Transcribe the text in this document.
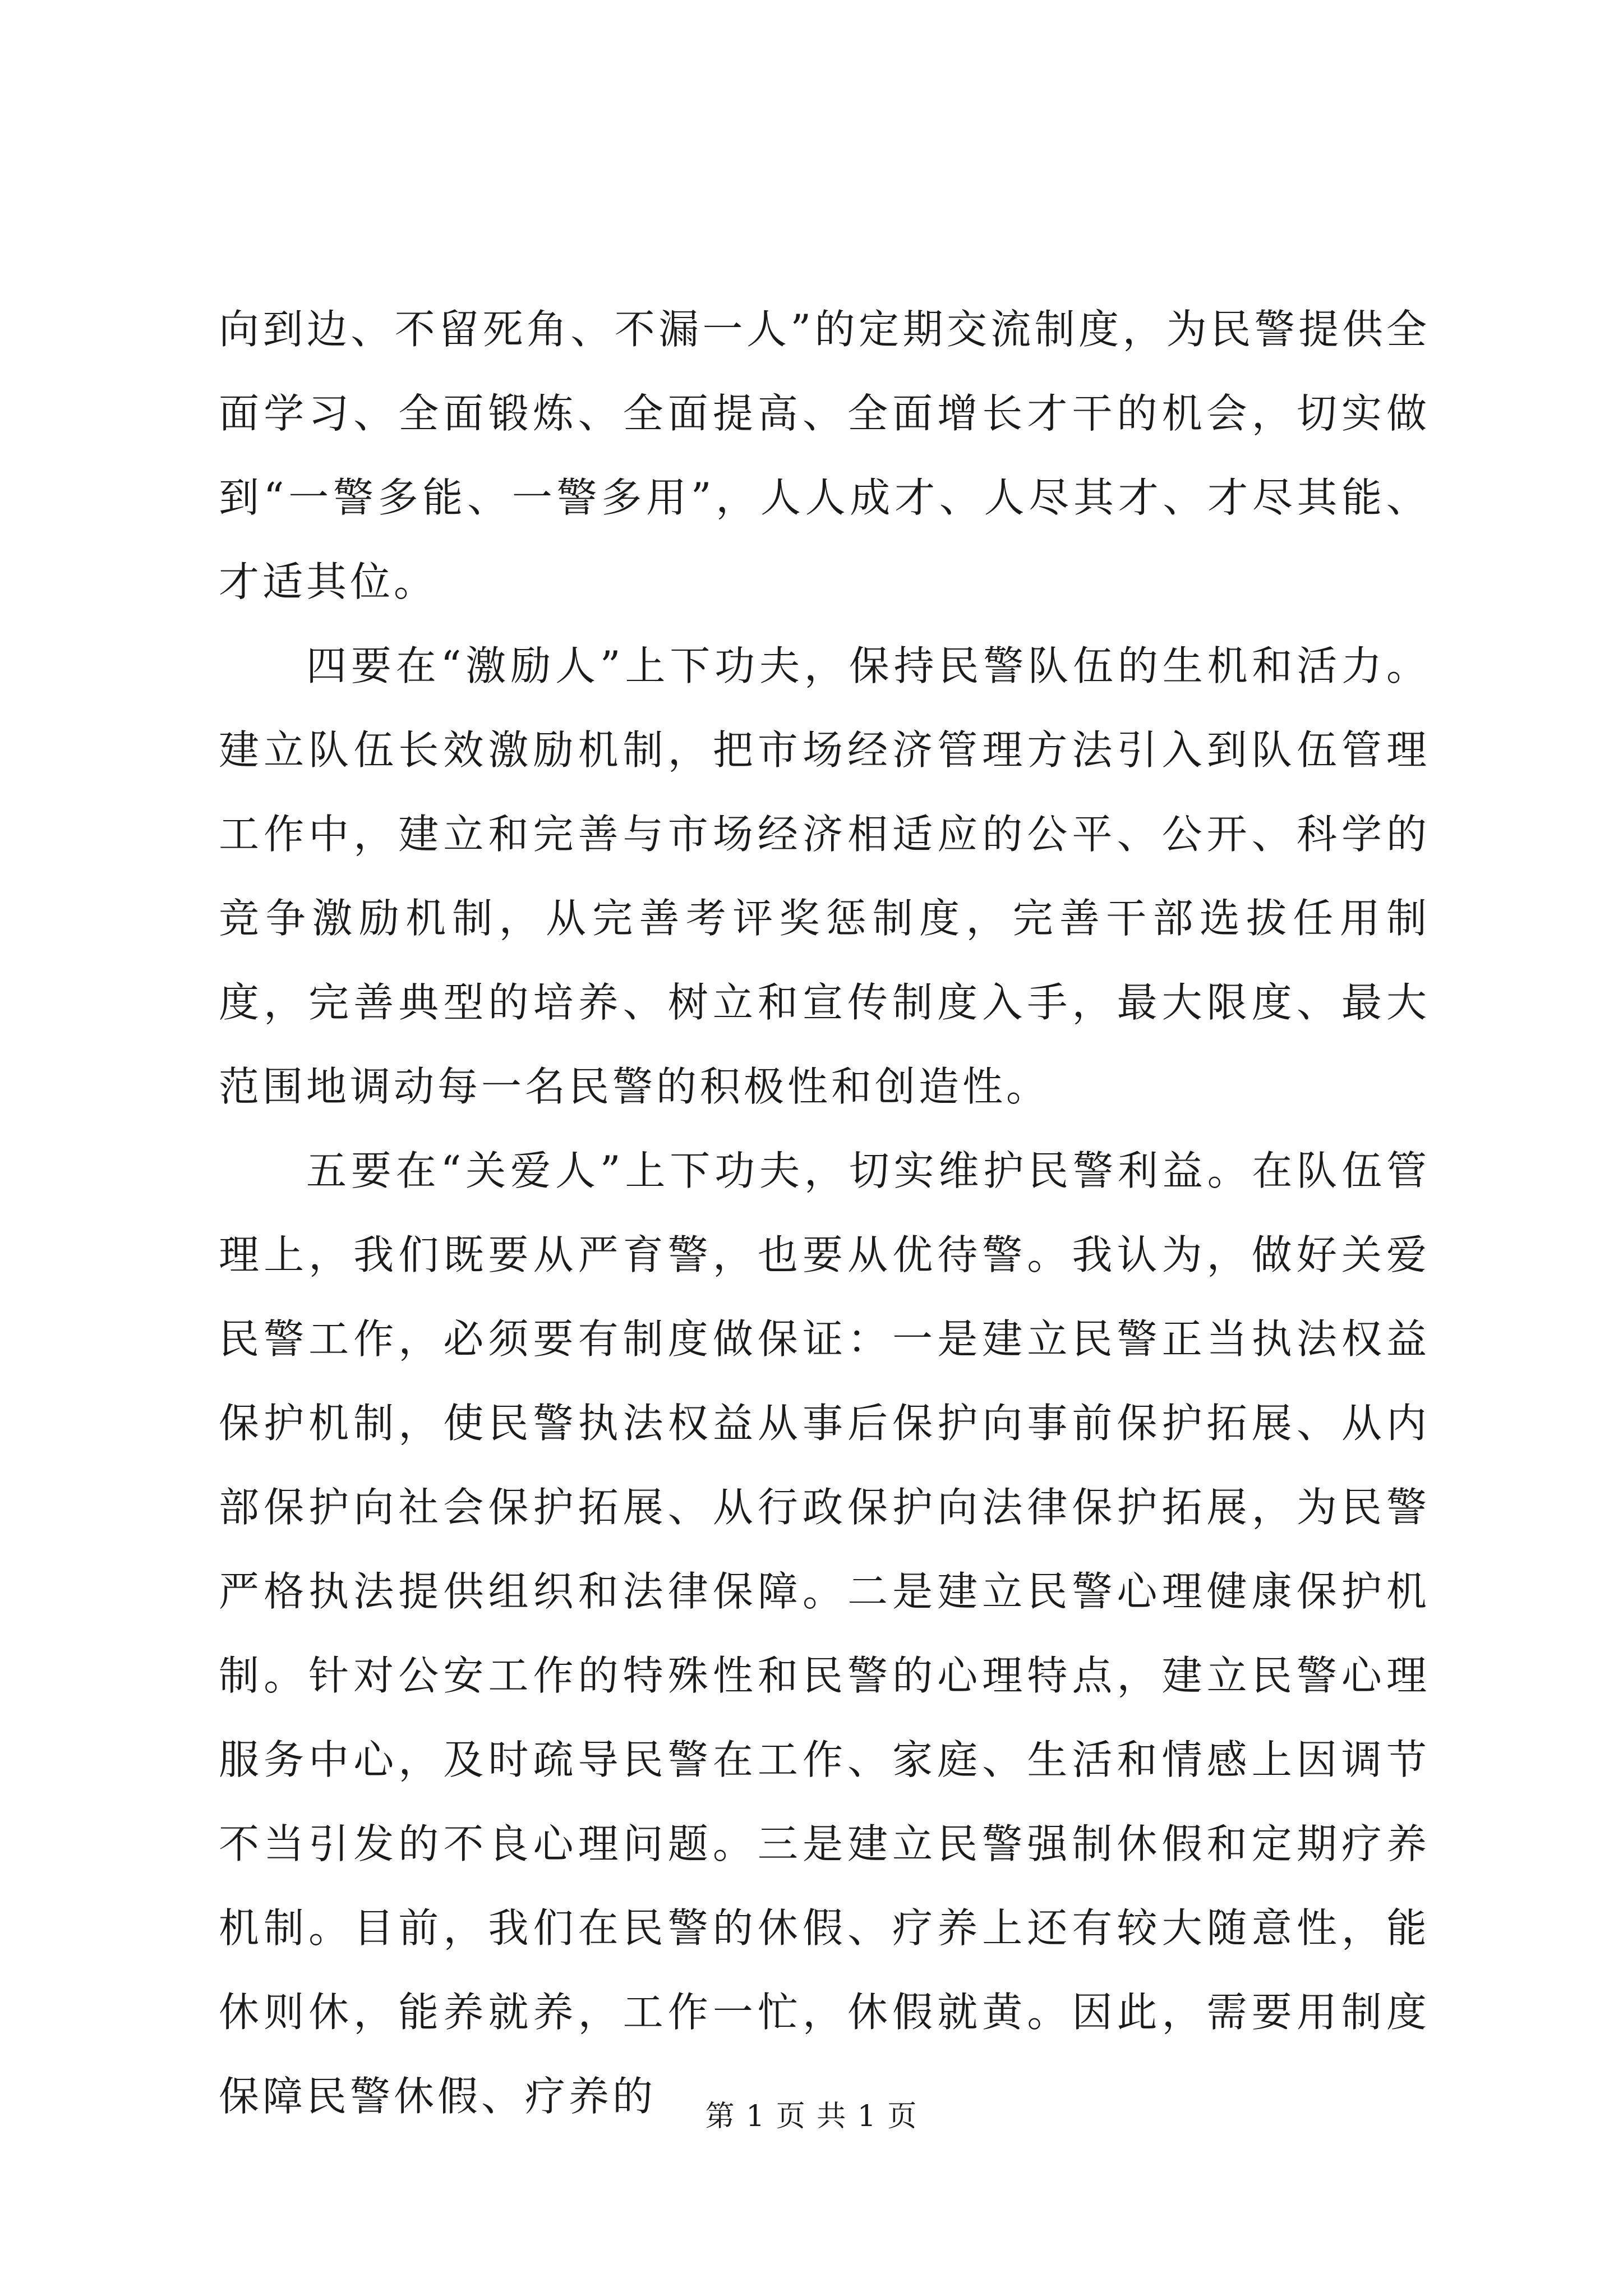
向到边、不留死角、不漏一人”的定期交流制度，为民警提供全面学习、全面锻炼、全面提高、全面增长才干的机会，切实做到“一警多能、一警多用”，人人成才、人尽其才、才尽其能、才适其位。

四要在“激励人”上下功夫，保持民警队伍的生机和活力。建立队伍长效激励机制，把市场经济管理方法引入到队伍管理工作中，建立和完善与市场经济相适应的公平、公开、科学的竞争激励机制，从完善考评奖惩制度，完善干部选拔任用制度，完善典型的培养、树立和宣传制度入手，最大限度、最大范围地调动每一名民警的积极性和创造性。

五要在“关爱人”上下功夫，切实维护民警利益。在队伍管理上，我们既要从严育警，也要从优待警。我认为，做好关爱民警工作，必须要有制度做保证：一是建立民警正当执法权益保护机制，使民警执法权益从事后保护向事前保护拓展、从内部保护向社会保护拓展、从行政保护向法律保护拓展，为民警严格执法提供组织和法律保障。二是建立民警心理健康保护机制。针对公安工作的特殊性和民警的心理特点，建立民警心理服务中心，及时疏导民警在工作、家庭、生活和情感上因调节不当引发的不良心理问题。三是建立民警强制休假和定期疗养机制。目前，我们在民警的休假、疗养上还有较大随意性，能休则休，能养就养，工作一忙，休假就黄。因此，需要用制度保障民警休假、疗养的	第 1 页 共 1 页
